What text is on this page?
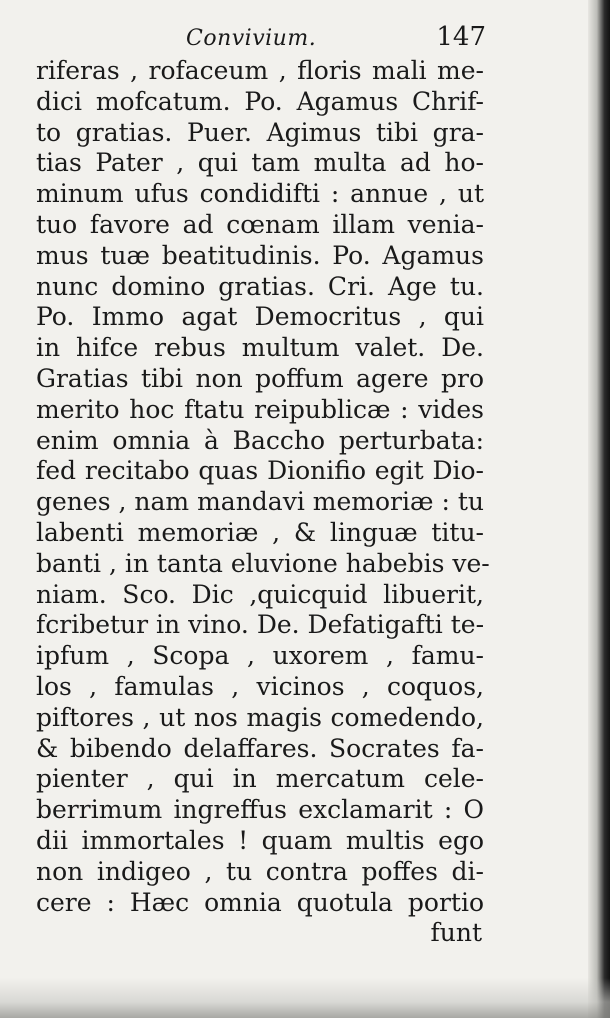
Convivium.	147
riferas , rofaceum , floris mali me-
dici mofcatum. Po. Agamus Chrif-
to gratias. Puer. Agimus tibi gra-
tias Pater , qui tam multa ad ho-
minum ufus condidifti : annue , ut
tuo favore ad cœnam illam venia-
mus tuæ beatitudinis. Po. Agamus
nunc domino gratias. Cri. Age tu.
Po. Immo agat Democritus , qui
in hifce rebus multum valet. De.
Gratias tibi non poffum agere pro
merito hoc ftatu reipublicæ : vides
enim omnia à Baccho perturbata:
fed recitabo quas Dionifio egit Dio-
genes , nam mandavi memoriæ : tu
labenti memoriæ , & linguæ titu-
banti , in tanta eluvione habebis ve-
niam. Sco. Dic ,quicquid libuerit,
fcribetur in vino. De. Defatigafti te-
ipfum , Scopa , uxorem , famu-
los , famulas , vicinos , coquos,
piftores , ut nos magis comedendo,
& bibendo delaffares. Socrates fa-
pienter , qui in mercatum cele-
berrimum ingreffus exclamarit : O
dii immortales ! quam multis ego
non indigeo , tu contra poffes di-
cere : Hæc omnia quotula portio
funt
